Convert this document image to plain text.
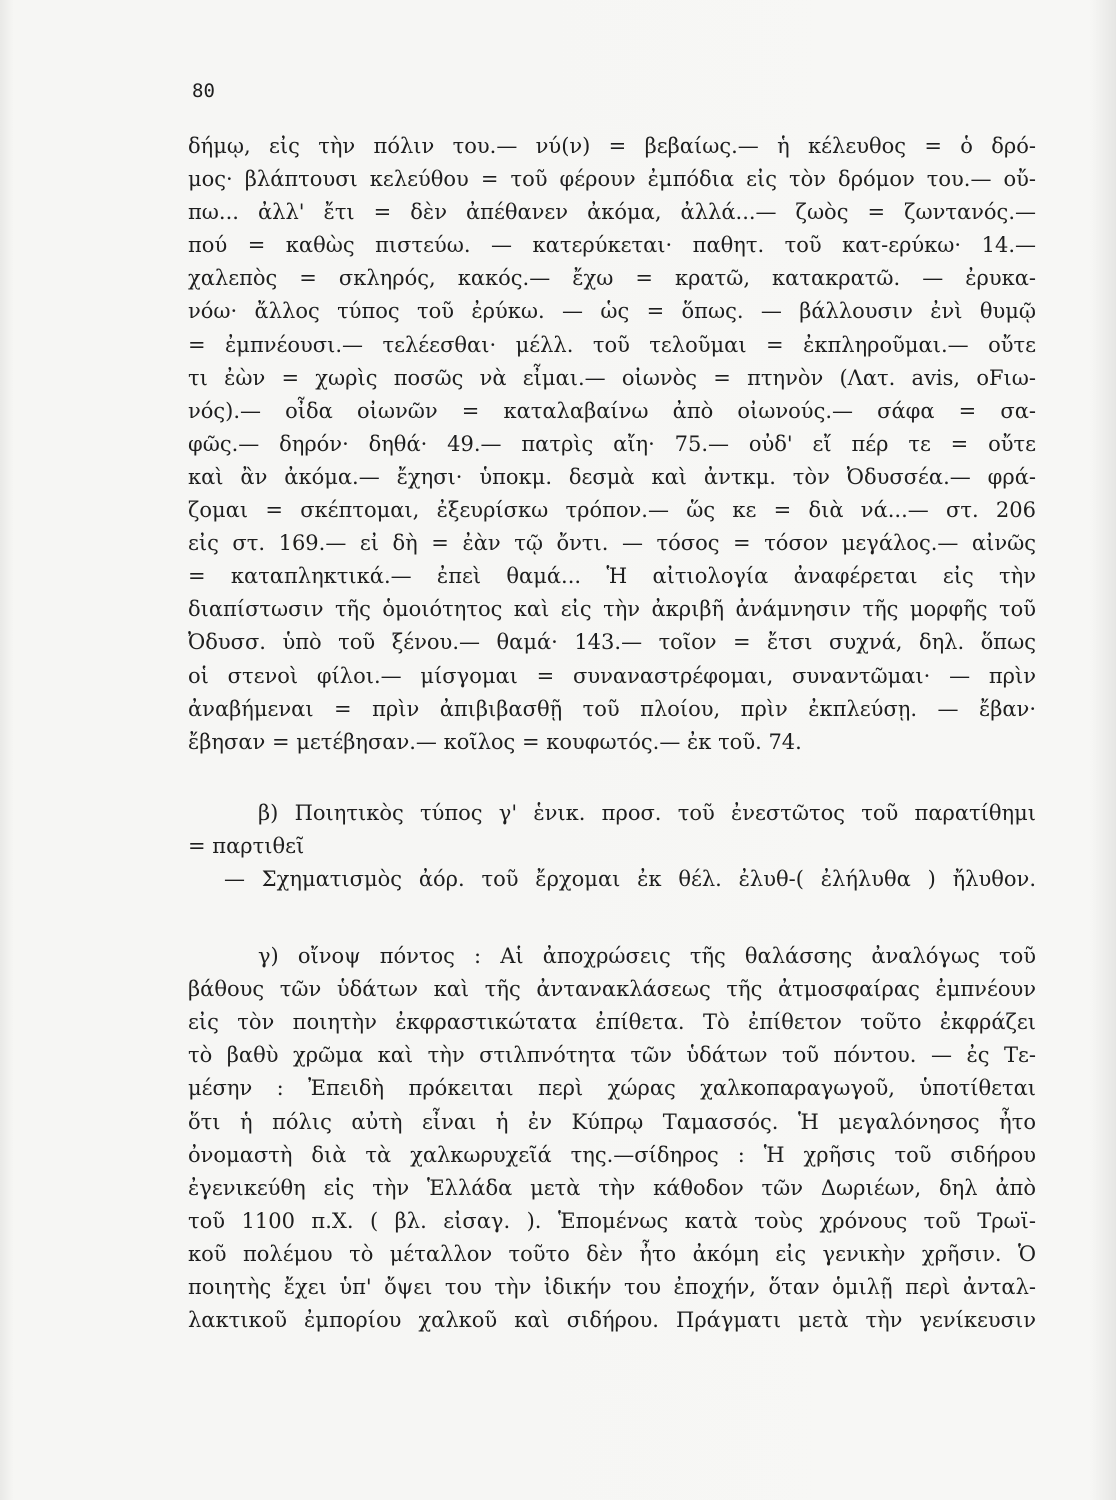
80
δήμῳ, εἰς τὴν πόλιν του.— νύ(ν) = βεβαίως.— ἡ κέλευθος = ὁ δρό-
μος· βλάπτουσι κελεύθου = τοῦ φέρουν ἐμπόδια εἰς τὸν δρόμον του.— οὔ-
πω... ἀλλ' ἔτι = δὲν ἀπέθανεν ἀκόμα, ἀλλά...— ζωὸς = ζωντανός.—
πού = καθὼς πιστεύω. — κατερύκεται· παθητ. τοῦ κατ-ερύκω· 14.—
χαλεπὸς = σκληρός, κακός.— ἔχω = κρατῶ, κατακρατῶ. — ἐρυκα-
νόω· ἄλλος τύπος τοῦ ἐρύκω. — ὡς = ὅπως. — βάλλουσιν ἐνὶ θυμῷ
= ἐμπνέουσι.— τελέεσθαι· μέλλ. τοῦ τελοῦμαι = ἐκπληροῦμαι.— οὔτε
τι ἐὼν = χωρὶς ποσῶς νὰ εἶμαι.— οἰωνὸς = πτηνὸν (Λατ. avis, oFιω-
νός).— οἶδα οἰωνῶν = καταλαβαίνω ἀπὸ οἰωνούς.— σάφα = σα-
φῶς.— δηρόν· δηθά· 49.— πατρὶς αἴη· 75.— οὐδ' εἴ πέρ τε = οὔτε
καὶ ἂν ἀκόμα.— ἔχησι· ὑποκμ. δεσμὰ καὶ ἀντκμ. τὸν Ὀδυσσέα.— φρά-
ζομαι = σκέπτομαι, ἐξευρίσκω τρόπον.— ὥς κε = διὰ νά...— στ. 206
εἰς στ. 169.— εἰ δὴ = ἐὰν τῷ ὄντι. — τόσος = τόσον μεγάλος.— αἰνῶς
= καταπληκτικά.— ἐπεὶ θαμά... Ἡ αἰτιολογία ἀναφέρεται εἰς τὴν
διαπίστωσιν τῆς ὁμοιότητος καὶ εἰς τὴν ἀκριβῆ ἀνάμνησιν τῆς μορφῆς τοῦ
Ὀδυσσ. ὑπὸ τοῦ ξένου.— θαμά· 143.— τοῖον = ἔτσι συχνά, δηλ. ὅπως
οἱ στενοὶ φίλοι.— μίσγομαι = συναναστρέφομαι, συναντῶμαι· — πρὶν
ἀναβήμεναι = πρὶν ἀπιβιβασθῇ τοῦ πλοίου, πρὶν ἐκπλεύσῃ. — ἔβαν·
ἔβησαν = μετέβησαν.— κοῖλος = κουφωτός.— ἐκ τοῦ. 74.
β) Ποιητικὸς τύπος γ' ἑνικ. προσ. τοῦ ἐνεστῶτος τοῦ παρατίθημι
= παρτιθεῖ
— Σχηματισμὸς ἀόρ. τοῦ ἔρχομαι ἐκ θέλ. ἐλυθ-( ἐλήλυθα ) ἤλυθον.
γ) οἴνοψ πόντος : Αἱ ἀποχρώσεις τῆς θαλάσσης ἀναλόγως τοῦ
βάθους τῶν ὑδάτων καὶ τῆς ἀντανακλάσεως τῆς ἀτμοσφαίρας ἐμπνέουν
εἰς τὸν ποιητὴν ἐκφραστικώτατα ἐπίθετα. Τὸ ἐπίθετον τοῦτο ἐκφράζει
τὸ βαθὺ χρῶμα καὶ τὴν στιλπνότητα τῶν ὑδάτων τοῦ πόντου. — ἐς Τε-
μέσην : Ἐπειδὴ πρόκειται περὶ χώρας χαλκοπαραγωγοῦ, ὑποτίθεται
ὅτι ἡ πόλις αὐτὴ εἶναι ἡ ἐν Κύπρῳ Ταμασσός. Ἡ μεγαλόνησος ἦτο
ὀνομαστὴ διὰ τὰ χαλκωρυχεῖά της.—σίδηρος : Ἡ χρῆσις τοῦ σιδήρου
ἐγενικεύθη εἰς τὴν Ἑλλάδα μετὰ τὴν κάθοδον τῶν Δωριέων, δηλ ἀπὸ
τοῦ 1100 π.Χ. ( βλ. εἰσαγ. ). Ἑπομένως κατὰ τοὺς χρόνους τοῦ Τρωϊ-
κοῦ πολέμου τὸ μέταλλον τοῦτο δὲν ἦτο ἀκόμη εἰς γενικὴν χρῆσιν. Ὁ
ποιητὴς ἔχει ὑπ' ὄψει του τὴν ἰδικήν του ἐποχήν, ὅταν ὁμιλῇ περὶ ἀνταλ-
λακτικοῦ ἐμπορίου χαλκοῦ καὶ σιδήρου. Πράγματι μετὰ τὴν γενίκευσιν
